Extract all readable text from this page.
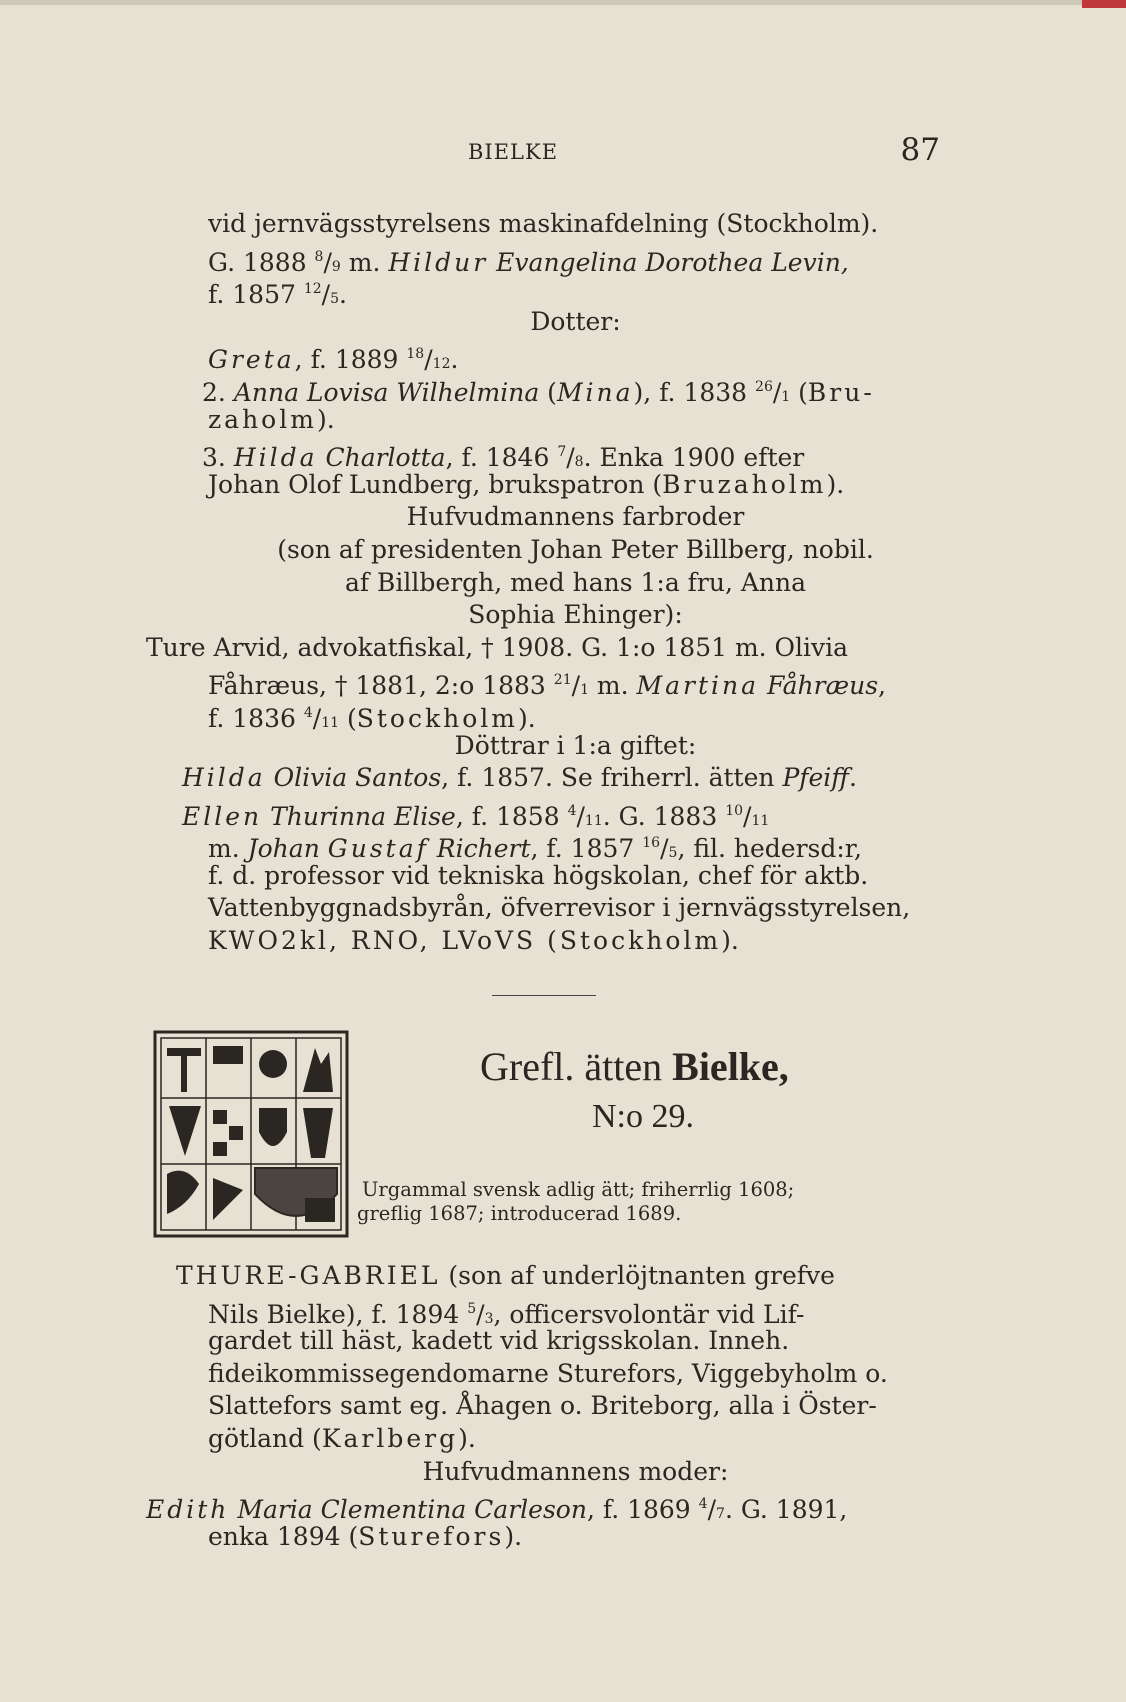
BIELKE	87
vid jernvägsstyrelsens maskinafdelning (Stockholm).
G. 1888 $^8$/9 m. Hildur Evangelina Dorothea Levin,
f. 1857 $^{12}$/5.
Dotter:
Greta, f. 1889 $^{18}$/12.
2. Anna Lovisa Wilhelmina (Mina), f. 1838 $^{26}$/1 (Bru-
zaholm).
3. Hilda Charlotta, f. 1846 $^7$/8. Enka 1900 efter
Johan Olof Lundberg, brukspatron (Bruzaholm).
Hufvudmannens farbroder
(son af presidenten Johan Peter Billberg, nobil.
af Billbergh, med hans 1:a fru, Anna
Sophia Ehinger):
Ture Arvid, advokatfiskal, † 1908. G. 1:o 1851 m. Olivia
Fåhræus, † 1881, 2:o 1883 $^{21}$/1 m. Martina Fåhræus,
f. 1836 $^4$/11 (Stockholm).
Döttrar i 1:a giftet:
Hilda Olivia Santos, f. 1857. Se friherrl. ätten Pfeiff.
Ellen Thurinna Elise, f. 1858 $^4$/11. G. 1883 $^{10}$/11
m. Johan Gustaf Richert, f. 1857 $^{16}$/5, fil. hedersd:r,
f. d. professor vid tekniska högskolan, chef för aktb.
Vattenbyggnadsbyrån, öfverrevisor i jernvägsstyrelsen,
KWO2kl, RNO, LVoVS (Stockholm).
Grefl. ätten Bielke,
N:o 29.
Urgammal svensk adlig ätt; friherrlig 1608;
greflig 1687; introducerad 1689.
THURE-GABRIEL (son af underlöjtnanten grefve
Nils Bielke), f. 1894 $^5$/3, officersvolontär vid Lif-
gardet till häst, kadett vid krigsskolan. Inneh.
fideikommissegendomarne Sturefors, Viggebyholm o.
Slattefors samt eg. Åhagen o. Briteborg, alla i Öster-
götland (Karlberg).
Hufvudmannens moder:
Edith Maria Clementina Carleson, f. 1869 $^4$/7. G. 1891,
enka 1894 (Sturefors).
